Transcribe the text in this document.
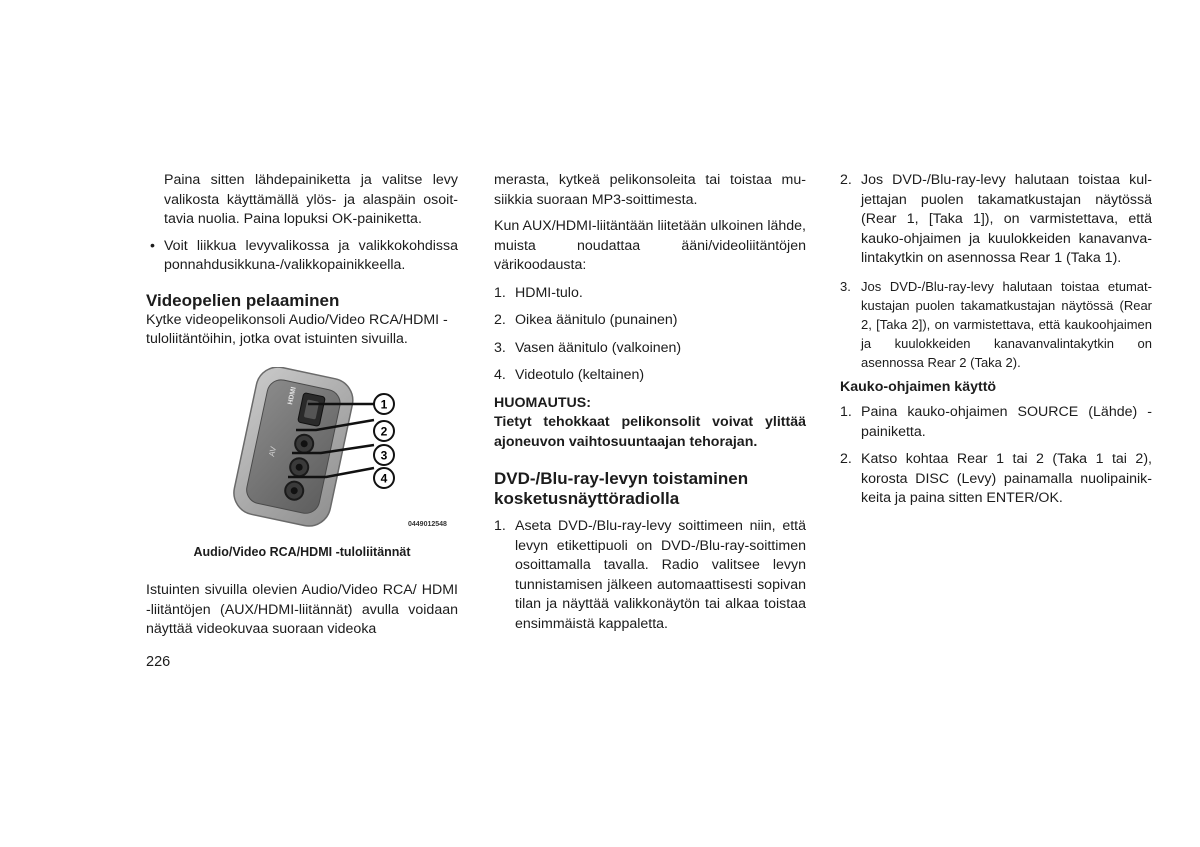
Paina sitten lähdepainiketta ja valitse levy valikosta käyttämällä ylös- ja alaspäin osoittavia nuolia. Paina lopuksi OK-painiketta.

• Voit liikkua levyvalikossa ja valikkokohdissa ponnahdusikkuna-/valikkopainikkeella.
Videopelien pelaaminen

Kytke videopelikonsoli Audio/Video RCA/HDMI -tuloliitäntöihin, jotka ovat istuinten sivuilla.

HDMI
AV
1
2
3
4
0449012548
Audio/Video RCA/HDMI -tuloliitännät

Istuinten sivuilla olevien Audio/Video RCA/ HDMI -liitäntöjen (AUX/HDMI-liitännät) avulla voidaan näyttää videokuvaa suoraan videoka

merasta, kytkeä pelikonsoleita tai toistaa musiikkia suoraan MP3-soittimesta.

Kun AUX/HDMI-liitäntään liitetään ulkoinen lähde, muista noudattaa ääni/videoliitäntöjen värikoodausta:

1. HDMI-tulo.
2. Oikea äänitulo (punainen)
3. Vasen äänitulo (valkoinen)
4. Videotulo (keltainen)
HUOMAUTUS:

Tietyt tehokkaat pelikonsolit voivat ylittää ajoneuvon vaihtosuuntaajan tehorajan.

DVD-/Blu-ray-levyn toistaminen kosketusnäyttöradiolla
1. Aseta DVD-/Blu-ray-levy soittimeen niin, että levyn etikettipuoli on DVD-/Blu-ray-soittimen osoittamalla tavalla. Radio valitsee levyn tunnistamisen jälkeen automaattisesti sopivan tilan ja näyttää valikkonäytön tai alkaa toistaa ensimmäistä kappaletta.
2. Jos DVD-/Blu-ray-levy halutaan toistaa kuljettajan puolen takamatkustajan näytössä (Rear 1, [Taka 1]), on varmistettava, että kauko-ohjaimen ja kuulokkeiden kanavanvalintakytkin on asennossa Rear 1 (Taka 1).
3. Jos DVD-/Blu-ray-levy halutaan toistaa etumatkustajan puolen takamatkustajan näytössä (Rear 2, [Taka 2]), on varmistettava, että kaukoohjaimen ja kuulokkeiden kanavanvalintakytkin on asennossa Rear 2 (Taka 2).
Kauko-ohjaimen käyttö
1. Paina kauko-ohjaimen SOURCE (Lähde) -painiketta.
2. Katso kohtaa Rear 1 tai 2 (Taka 1 tai 2), korosta DISC (Levy) painamalla nuolipainikkeita ja paina sitten ENTER/OK.
226
